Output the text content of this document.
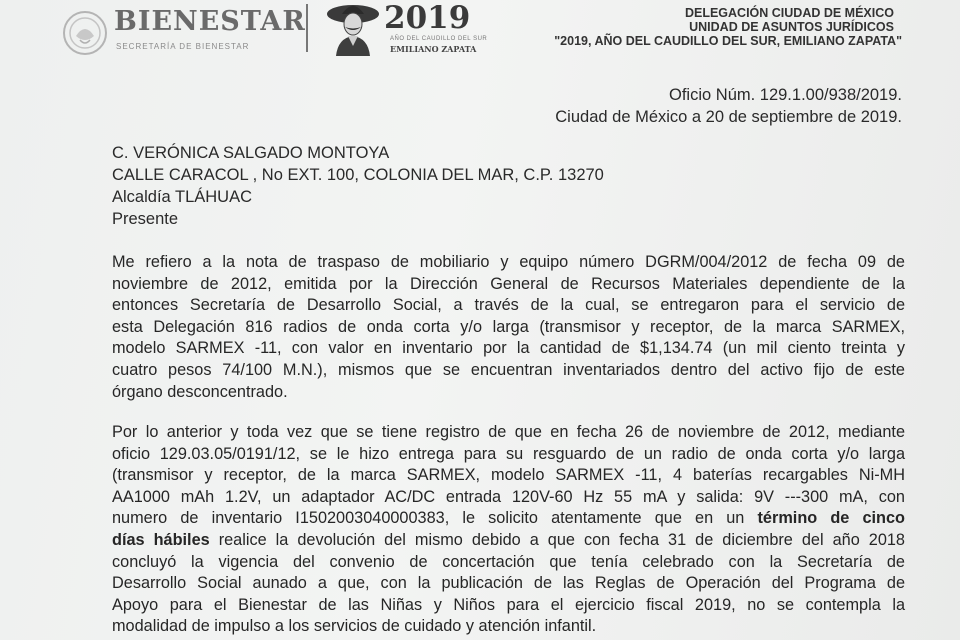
BIENESTAR
SECRETARÍA DE BIENESTAR
2019
AÑO DEL CAUDILLO DEL SUR
EMILIANO ZAPATA
DELEGACIÓN CIUDAD DE MÉXICO
UNIDAD DE ASUNTOS JURÍDICOS
"2019, AÑO DEL CAUDILLO DEL SUR, EMILIANO ZAPATA"
Oficio Núm. 129.1.00/938/2019.
Ciudad de México a 20 de septiembre de 2019.
C. VERÓNICA SALGADO MONTOYA
CALLE CARACOL , No EXT. 100, COLONIA DEL MAR, C.P. 13270
Alcaldía TLÁHUAC
Presente
Me refiero a la nota de traspaso de mobiliario y equipo número DGRM/004/2012 de fecha 09 de
noviembre de 2012, emitida por la Dirección General de Recursos Materiales dependiente de la
entonces Secretaría de Desarrollo Social, a través de la cual, se entregaron para el servicio de
esta Delegación 816 radios de onda corta y/o larga (transmisor y receptor, de la marca SARMEX,
modelo SARMEX -11, con valor en inventario por la cantidad de $1,134.74 (un mil ciento treinta y
cuatro pesos 74/100 M.N.), mismos que se encuentran inventariados dentro del activo fijo de este
órgano desconcentrado.
Por lo anterior y toda vez que se tiene registro de que en fecha 26 de noviembre de 2012, mediante
oficio 129.03.05/0191/12, se le hizo entrega para su resguardo de un radio de onda corta y/o larga
(transmisor y receptor, de la marca SARMEX, modelo SARMEX -11, 4 baterías recargables Ni-MH
AA1000 mAh 1.2V, un adaptador AC/DC entrada 120V-60 Hz 55 mA y salida: 9V ---300 mA, con
numero de inventario I1502003040000383, le solicito atentamente que en un término de cinco
días hábiles realice la devolución del mismo debido a que con fecha 31 de diciembre del año 2018
concluyó la vigencia del convenio de concertación que tenía celebrado con la Secretaría de
Desarrollo Social aunado a que, con la publicación de las Reglas de Operación del Programa de
Apoyo para el Bienestar de las Niñas y Niños para el ejercicio fiscal 2019, no se contempla la
modalidad de impulso a los servicios de cuidado y atención infantil.
